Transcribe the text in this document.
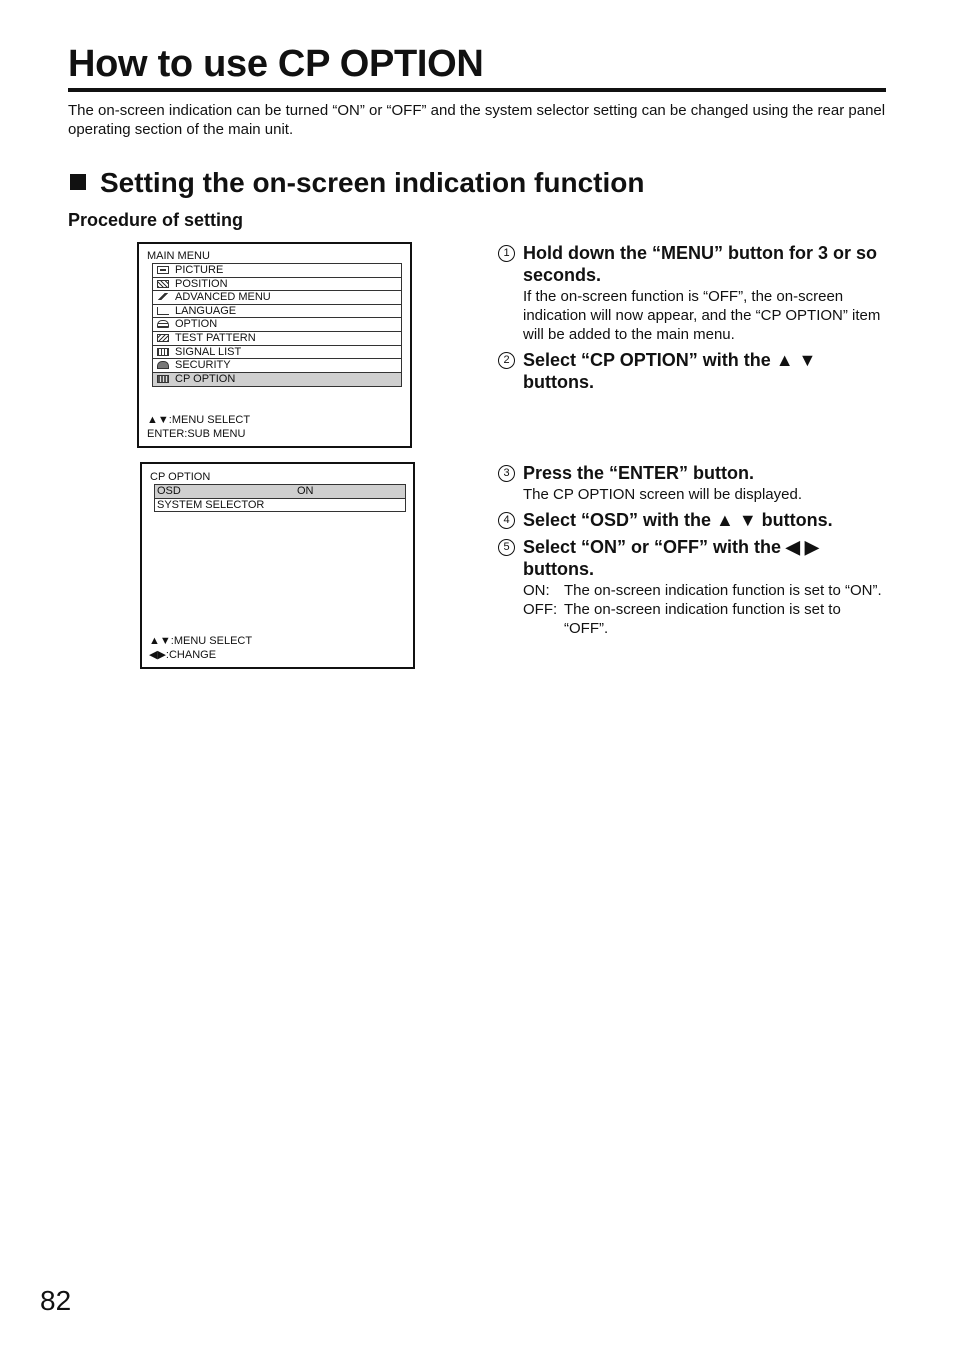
How to use CP OPTION
The on-screen indication can be turned “ON” or “OFF” and the system selector setting can be changed using the rear panel operating section of the main unit.
Setting the on-screen indication function
Procedure of setting
MAIN MENU
PICTURE
POSITION
ADVANCED MENU
LANGUAGE
OPTION
TEST PATTERN
SIGNAL LIST
SECURITY
CP OPTION
▲▼:MENU SELECT
ENTER:SUB MENU
CP OPTION
OSD	ON
SYSTEM SELECTOR
▲▼:MENU SELECT
◀▶:CHANGE
1 Hold down the “MENU” button for 3 or so seconds.
If the on-screen function is “OFF”, the on-screen indication will now appear, and the “CP OPTION” item will be added to the main menu.
2 Select “CP OPTION” with the ▲ ▼ buttons.
3 Press the “ENTER” button.
The CP OPTION screen will be displayed.
4 Select “OSD” with the ▲ ▼ buttons.
5 Select “ON” or “OFF” with the ◀ ▶ buttons.
ON: The on-screen indication function is set to “ON”.
OFF: The on-screen indication function is set to “OFF”.
82
